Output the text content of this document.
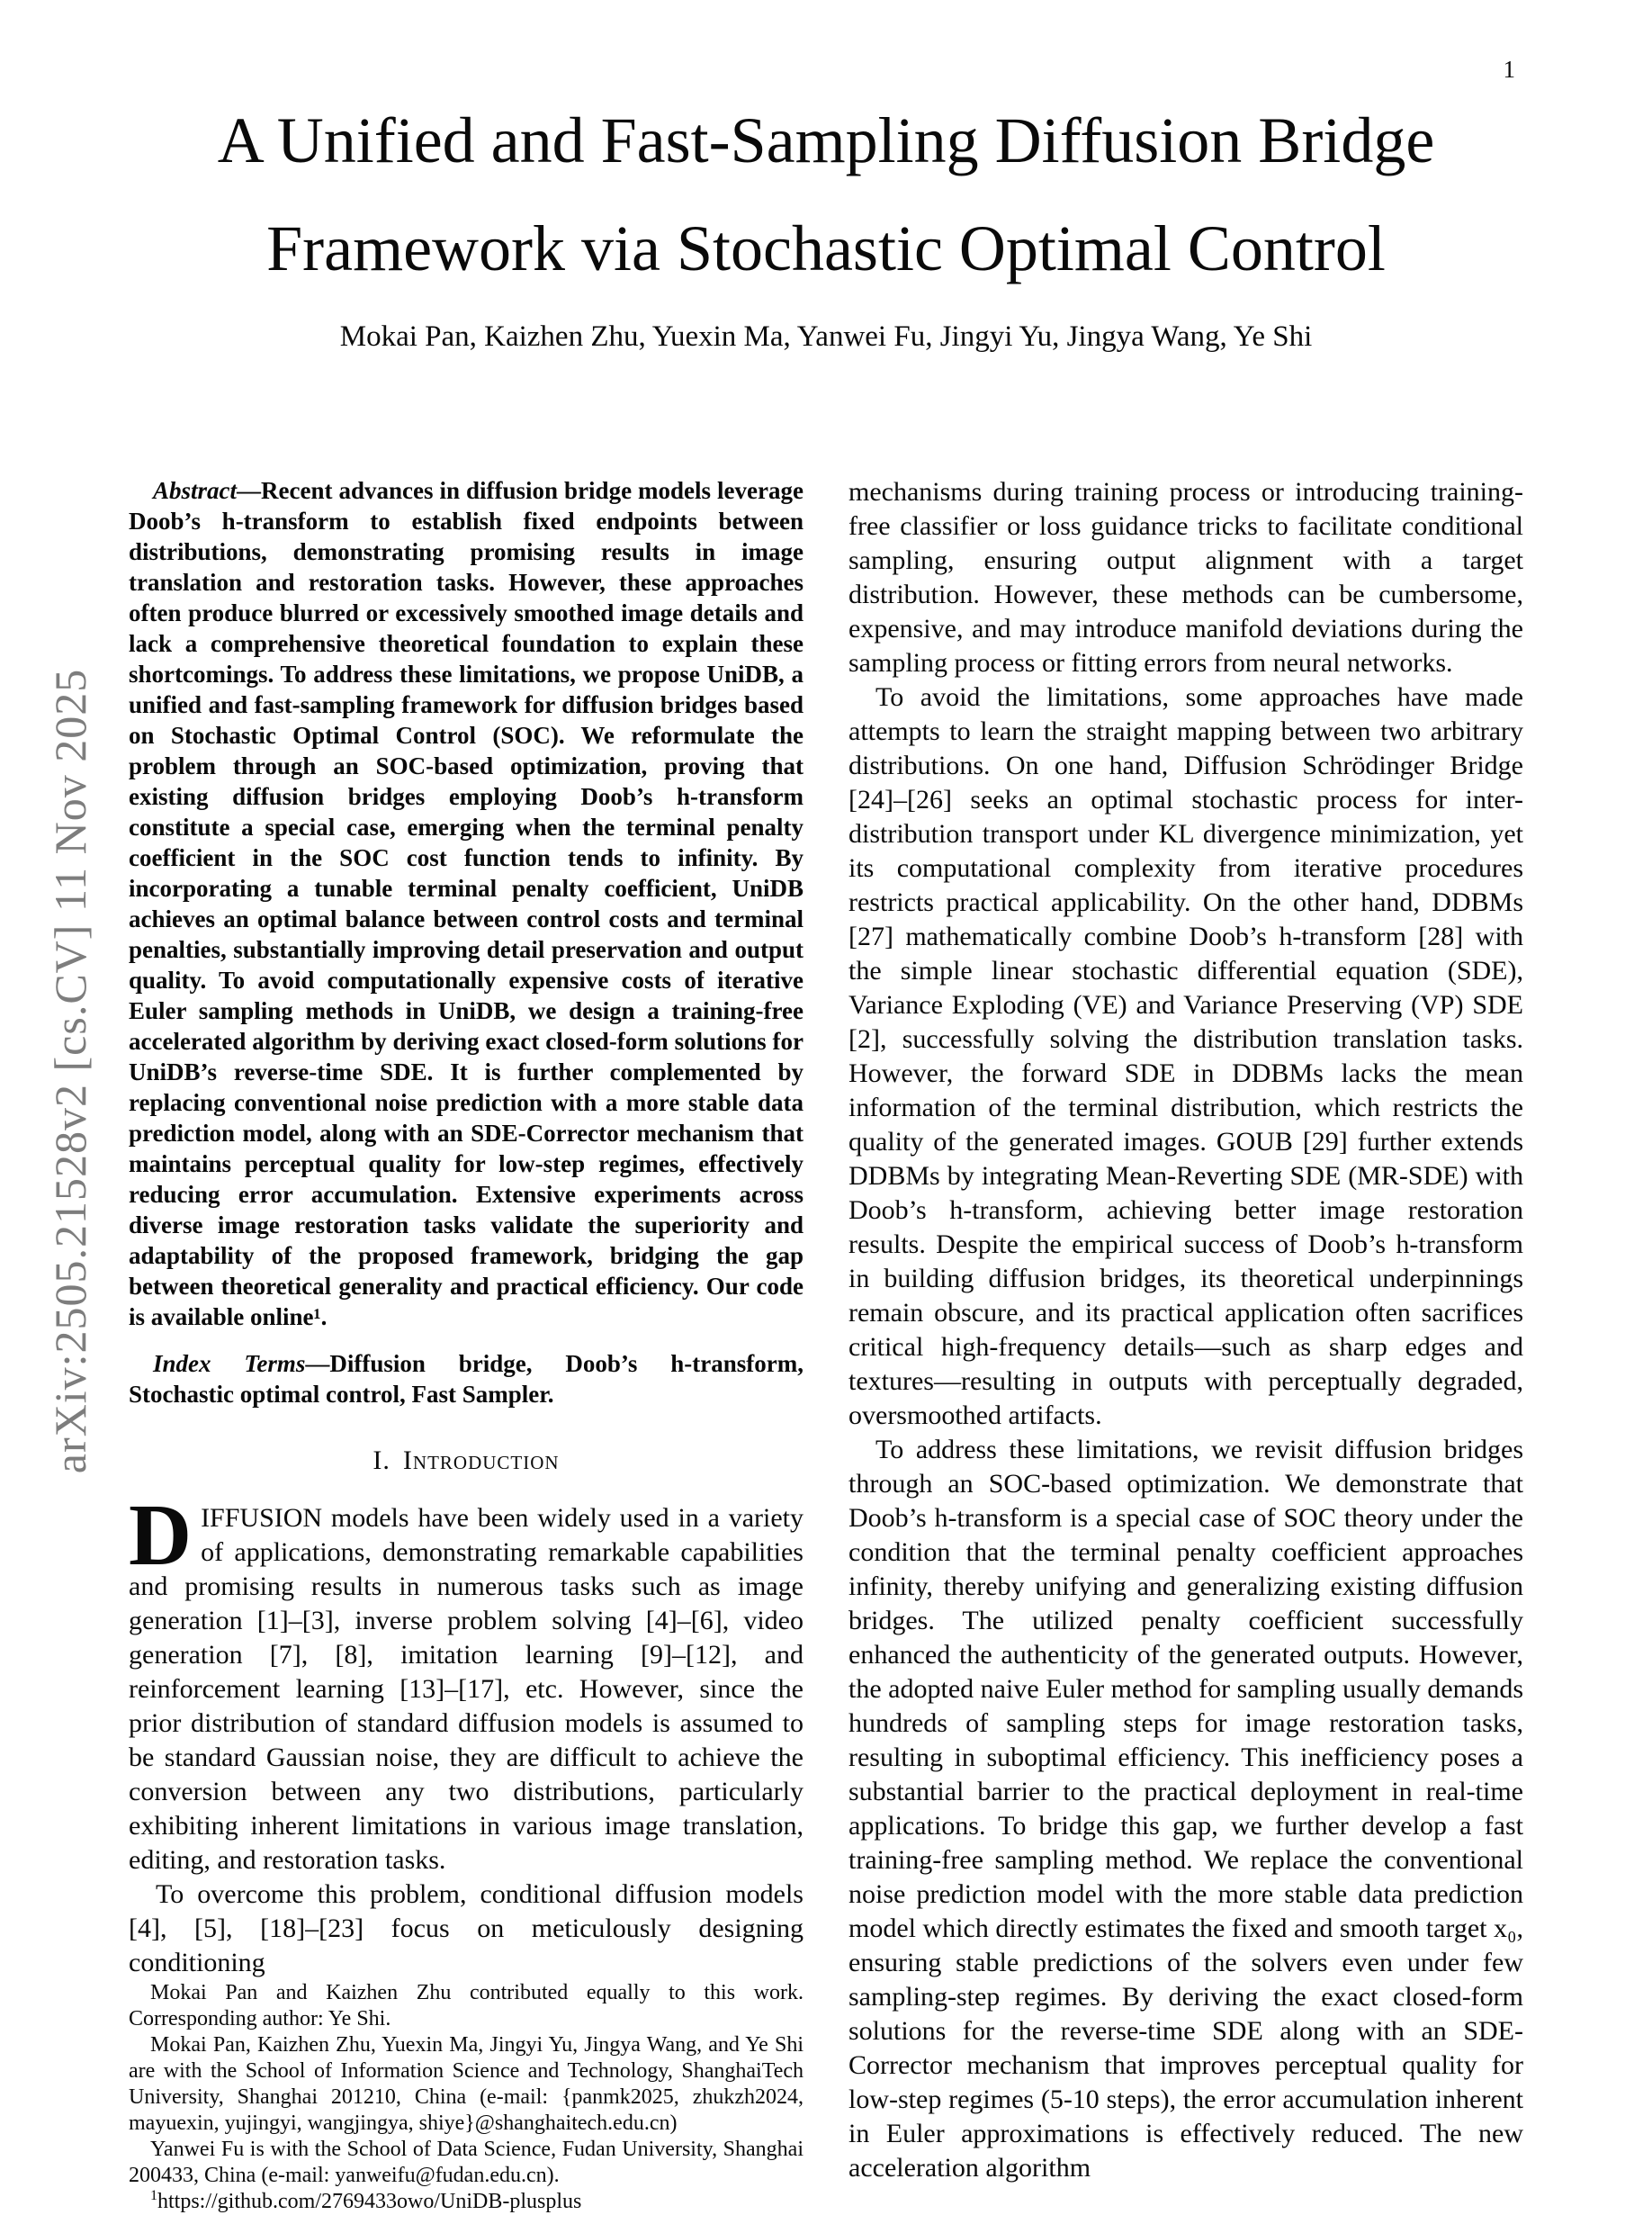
1
arXiv:2505.21528v2 [cs.CV] 11 Nov 2025
A Unified and Fast-Sampling Diffusion Bridge
Framework via Stochastic Optimal Control
Mokai Pan, Kaizhen Zhu, Yuexin Ma, Yanwei Fu, Jingyi Yu, Jingya Wang, Ye Shi

Abstract—Recent advances in diffusion bridge models leverage Doob’s h-transform to establish fixed endpoints between distributions, demonstrating promising results in image translation and restoration tasks. However, these approaches often produce blurred or excessively smoothed image details and lack a comprehensive theoretical foundation to explain these shortcomings. To address these limitations, we propose UniDB, a unified and fast-sampling framework for diffusion bridges based on Stochastic Optimal Control (SOC). We reformulate the problem through an SOC-based optimization, proving that existing diffusion bridges employing Doob’s h-transform constitute a special case, emerging when the terminal penalty coefficient in the SOC cost function tends to infinity. By incorporating a tunable terminal penalty coefficient, UniDB achieves an optimal balance between control costs and terminal penalties, substantially improving detail preservation and output quality. To avoid computationally expensive costs of iterative Euler sampling methods in UniDB, we design a training-free accelerated algorithm by deriving exact closed-form solutions for UniDB’s reverse-time SDE. It is further complemented by replacing conventional noise prediction with a more stable data prediction model, along with an SDE-Corrector mechanism that maintains perceptual quality for low-step regimes, effectively reducing error accumulation. Extensive experiments across diverse image restoration tasks validate the superiority and adaptability of the proposed framework, bridging the gap between theoretical generality and practical efficiency. Our code is available online¹.

Index Terms—Diffusion bridge, Doob’s h-transform, Stochastic optimal control, Fast Sampler.

I. Introduction

DIFFUSION models have been widely used in a variety of applications, demonstrating remarkable capabilities and promising results in numerous tasks such as image generation [1]–[3], inverse problem solving [4]–[6], video generation [7], [8], imitation learning [9]–[12], and reinforcement learning [13]–[17], etc. However, since the prior distribution of standard diffusion models is assumed to be standard Gaussian noise, they are difficult to achieve the conversion between any two distributions, particularly exhibiting inherent limitations in various image translation, editing, and restoration tasks.

To overcome this problem, conditional diffusion models [4], [5], [18]–[23] focus on meticulously designing conditioning

Mokai Pan and Kaizhen Zhu contributed equally to this work. Corresponding author: Ye Shi.

Mokai Pan, Kaizhen Zhu, Yuexin Ma, Jingyi Yu, Jingya Wang, and Ye Shi are with the School of Information Science and Technology, ShanghaiTech University, Shanghai 201210, China (e-mail: {panmk2025, zhukzh2024, mayuexin, yujingyi, wangjingya, shiye}@shanghaitech.edu.cn)

Yanwei Fu is with the School of Data Science, Fudan University, Shanghai 200433, China (e-mail: yanweifu@fudan.edu.cn).

$^1$https://github.com/2769433owo/UniDB-plusplus

mechanisms during training process or introducing training-free classifier or loss guidance tricks to facilitate conditional sampling, ensuring output alignment with a target distribution. However, these methods can be cumbersome, expensive, and may introduce manifold deviations during the sampling process or fitting errors from neural networks.

To avoid the limitations, some approaches have made attempts to learn the straight mapping between two arbitrary distributions. On one hand, Diffusion Schrödinger Bridge [24]–[26] seeks an optimal stochastic process for inter-distribution transport under KL divergence minimization, yet its computational complexity from iterative procedures restricts practical applicability. On the other hand, DDBMs [27] mathematically combine Doob’s h-transform [28] with the simple linear stochastic differential equation (SDE), Variance Exploding (VE) and Variance Preserving (VP) SDE [2], successfully solving the distribution translation tasks. However, the forward SDE in DDBMs lacks the mean information of the terminal distribution, which restricts the quality of the generated images. GOUB [29] further extends DDBMs by integrating Mean-Reverting SDE (MR-SDE) with Doob’s h-transform, achieving better image restoration results. Despite the empirical success of Doob’s h-transform in building diffusion bridges, its theoretical underpinnings remain obscure, and its practical application often sacrifices critical high-frequency details—such as sharp edges and textures—resulting in outputs with perceptually degraded, oversmoothed artifacts.

To address these limitations, we revisit diffusion bridges through an SOC-based optimization. We demonstrate that Doob’s h-transform is a special case of SOC theory under the condition that the terminal penalty coefficient approaches infinity, thereby unifying and generalizing existing diffusion bridges. The utilized penalty coefficient successfully enhanced the authenticity of the generated outputs. However, the adopted naive Euler method for sampling usually demands hundreds of sampling steps for image restoration tasks, resulting in suboptimal efficiency. This inefficiency poses a substantial barrier to the practical deployment in real-time applications. To bridge this gap, we further develop a fast training-free sampling method. We replace the conventional noise prediction model with the more stable data prediction model which directly estimates the fixed and smooth target x₀, ensuring stable predictions of the solvers even under few sampling-step regimes. By deriving the exact closed-form solutions for the reverse-time SDE along with an SDE-Corrector mechanism that improves perceptual quality for low-step regimes (5-10 steps), the error accumulation inherent in Euler approximations is effectively reduced. The new acceleration algorithm
